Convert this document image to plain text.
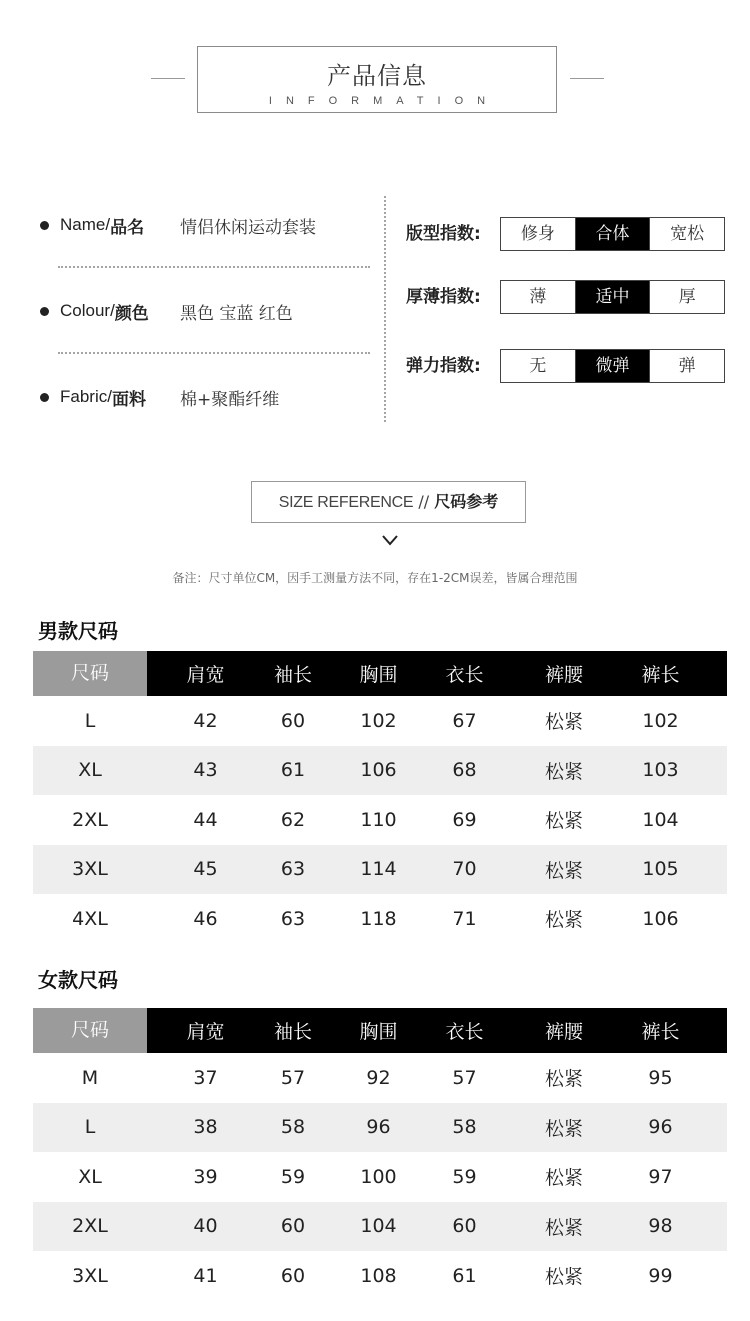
产品信息
INFORMATION
Name/ 品名 情侣休闲运动套装
Colour/ 颜色 黑色 宝蓝 红色
Fabric/ 面料 棉+聚酯纤维
版型指数:	修身	合体	宽松
厚薄指数:	薄	适中	厚
弹力指数:	无	微弹	弹
SIZE REFERENCE // 尺码参考
备注：尺寸单位CM，因手工测量方法不同，存在1-2CM误差，皆属合理范围
男款尺码
尺码	肩宽	袖长	胸围	衣长	裤腰	裤长
L	42	60	102	67	松紧	102
XL	43	61	106	68	松紧	103
2XL	44	62	110	69	松紧	104
3XL	45	63	114	70	松紧	105
4XL	46	63	118	71	松紧	106
女款尺码
尺码	肩宽	袖长	胸围	衣长	裤腰	裤长
M	37	57	92	57	松紧	95
L	38	58	96	58	松紧	96
XL	39	59	100	59	松紧	97
2XL	40	60	104	60	松紧	98
3XL	41	60	108	61	松紧	99
